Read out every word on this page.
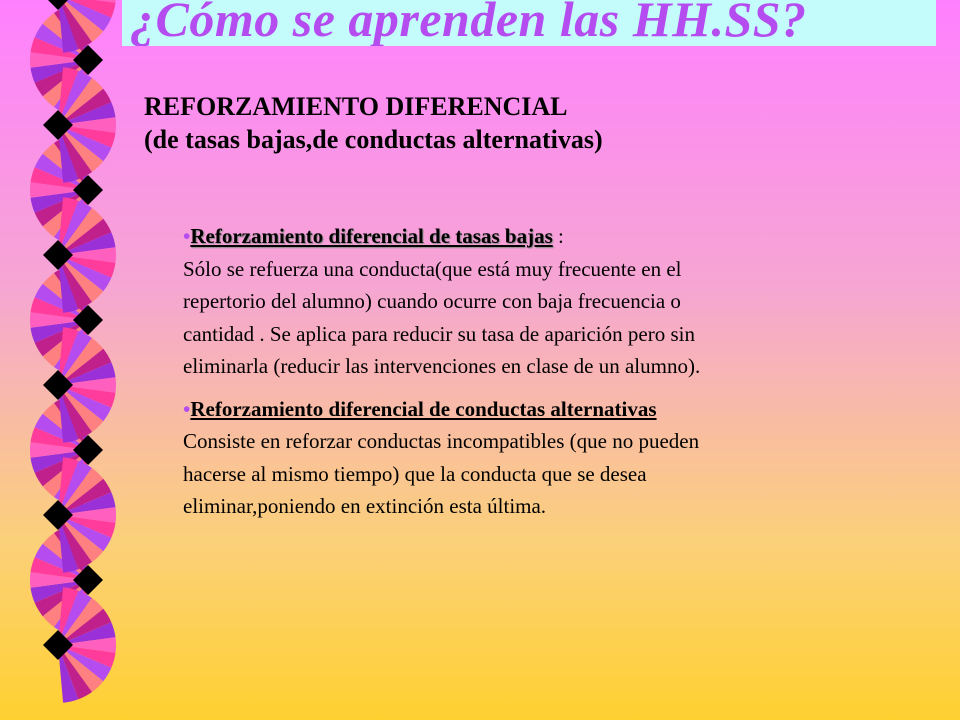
¿Cómo se aprenden las HH.SS?
REFORZAMIENTO DIFERENCIAL
(de tasas bajas,de conductas alternativas)
•Reforzamiento diferencial de tasas bajas :
Sólo se refuerza una conducta(que está muy frecuente en el
repertorio del alumno) cuando ocurre con baja frecuencia o
cantidad . Se aplica para reducir su tasa de aparición pero sin
eliminarla (reducir las intervenciones en clase de un alumno).
•Reforzamiento diferencial de conductas alternativas
Consiste en reforzar conductas incompatibles (que no pueden
hacerse al mismo tiempo) que la conducta que se desea
eliminar,poniendo en extinción esta última.
